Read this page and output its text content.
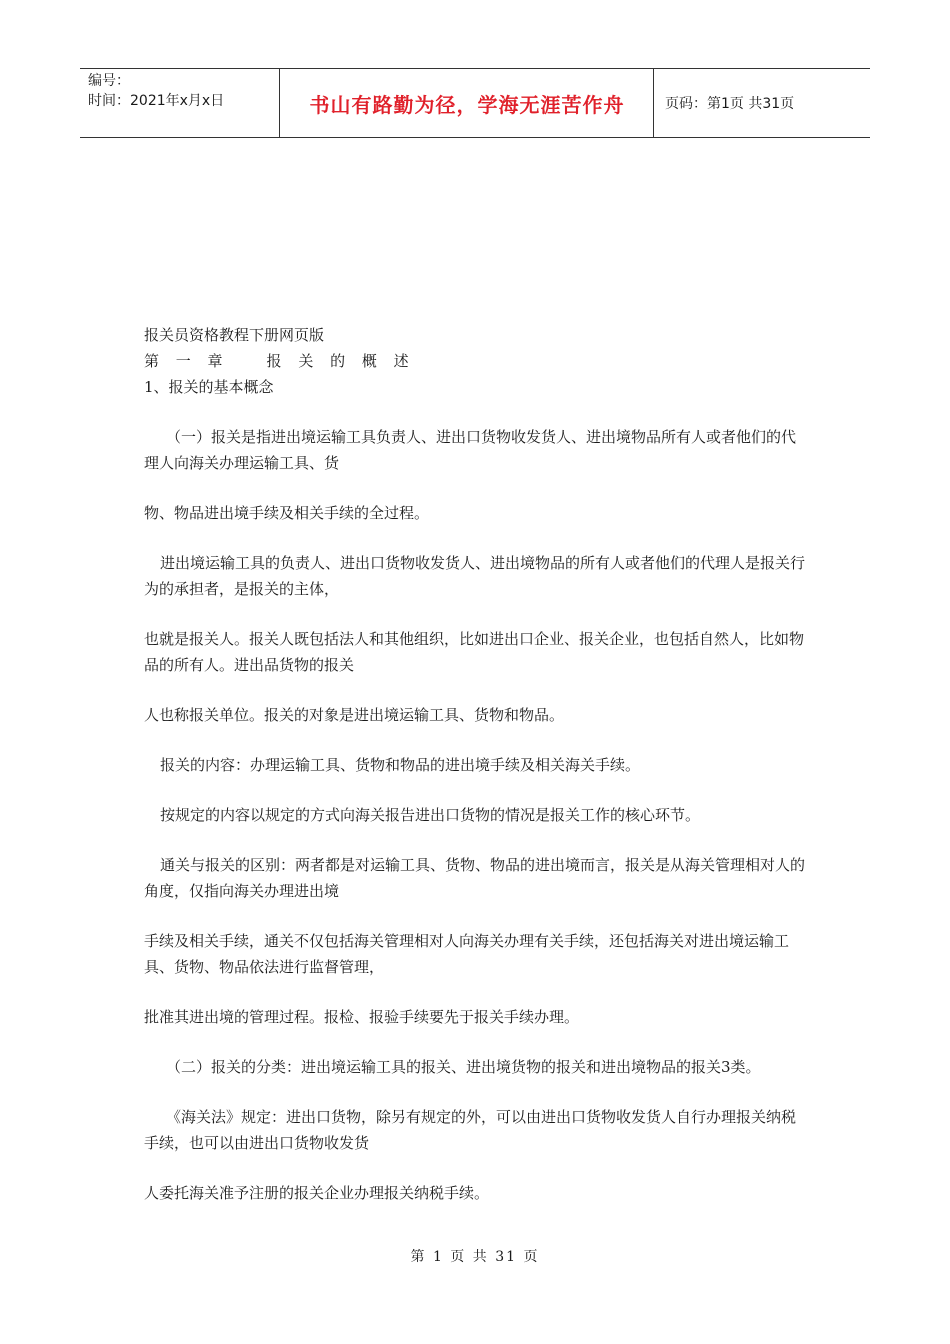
编号：
时间：2021年x月x日	书山有路勤为径，学海无涯苦作舟	页码：第1页 共31页

报关员资格教程下册网页版

第 一 章	报 关 的 概 述

1、报关的基本概念

（一）报关是指进出境运输工具负责人、进出口货物收发货人、进出境物品所有人或者他们的代理人向海关办理运输工具、货

物、物品进出境手续及相关手续的全过程。

进出境运输工具的负责人、进出口货物收发货人、进出境物品的所有人或者他们的代理人是报关行为的承担者，是报关的主体，

也就是报关人。报关人既包括法人和其他组织，比如进出口企业、报关企业，也包括自然人，比如物品的所有人。进出品货物的报关

人也称报关单位。报关的对象是进出境运输工具、货物和物品。

报关的内容：办理运输工具、货物和物品的进出境手续及相关海关手续。

按规定的内容以规定的方式向海关报告进出口货物的情况是报关工作的核心环节。

通关与报关的区别：两者都是对运输工具、货物、物品的进出境而言，报关是从海关管理相对人的角度，仅指向海关办理进出境

手续及相关手续，通关不仅包括海关管理相对人向海关办理有关手续，还包括海关对进出境运输工具、货物、物品依法进行监督管理，

批准其进出境的管理过程。报检、报验手续要先于报关手续办理。

（二）报关的分类：进出境运输工具的报关、进出境货物的报关和进出境物品的报关3类。

《海关法》规定：进出口货物，除另有规定的外，可以由进出口货物收发货人自行办理报关纳税手续，也可以由进出口货物收发货

人委托海关准予注册的报关企业办理报关纳税手续。

第 1 页 共 31 页
